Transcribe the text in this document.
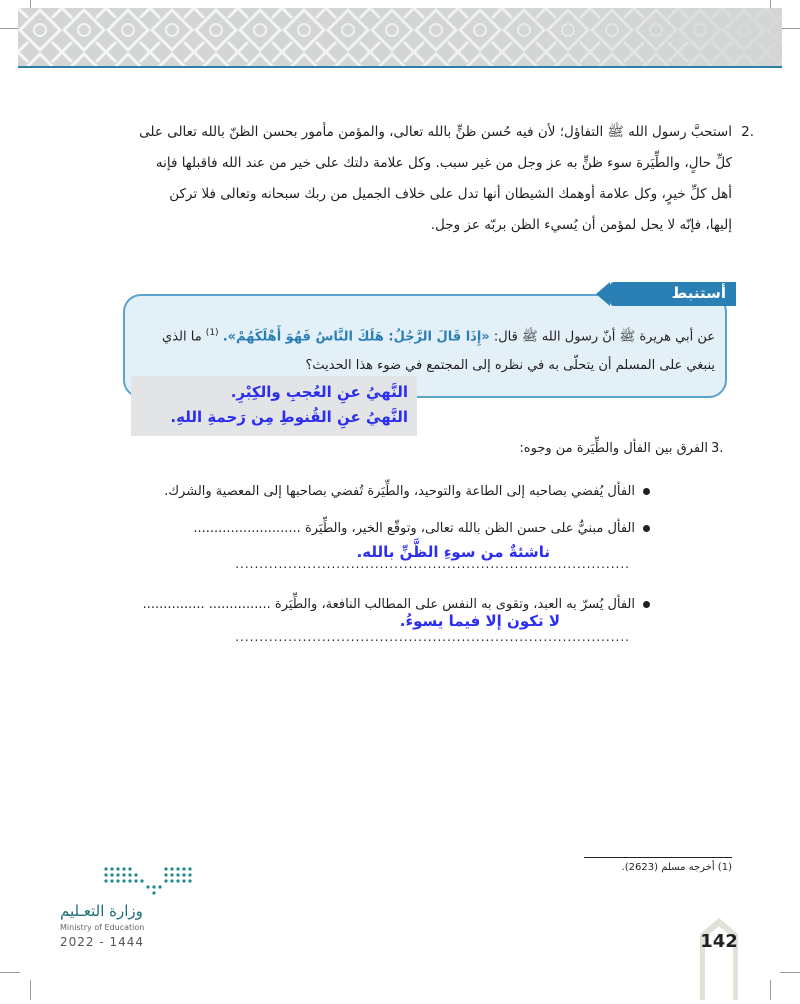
2.
استحبَّ رسول الله ﷺ التفاؤل؛ لأن فيه حُسن ظنٍّ بالله تعالى، والمؤمن مأمور بحسن الظنّ بالله تعالى على
كلِّ حالٍ، والطِّيَرة سوء ظنٍّ به عز وجل من غير سبب. وكل علامة دلتك على خير من عند الله فاقبلها فإنه
أهل كلِّ خيرٍ، وكل علامة أوهمك الشيطان أنها تدل على خلاف الجميل من ربك سبحانه وتعالى فلا تركن
إليها، فإنّه لا يحل لمؤمن أن يُسيء الظن بربّه عز وجل.
أستنبط
عن أبي هريرة ﷺ أنّ رسول الله ﷺ قال: «إِذَا قَالَ الرَّجُلُ: هَلَكَ النَّاسُ فَهُوَ أَهْلَكَهُمْ». $^{(1)}$ ما الذي
ينبغي على المسلم أن يتحلّى به في نظره إلى المجتمع في ضوء هذا الحديث؟
النَّهيُ عنِ العُجبِ والكِبْرِ.
النَّهيُ عنِ القُنوطِ مِن رَحمةِ اللهِ.
3.
الفرق بين الفأل والطِّيَرة من وجوه:
الفأل يُفضي بصاحبه إلى الطاعة والتوحيد، والطِّيَرة تُفضي بصاحبها إلى المعصية والشرك.
الفأل مبنيٌّ على حسن الظن بالله تعالى، وتوقّع الخير، والطِّيَرة ..........................
ناشئةٌ من سوءِ الظَّنِّ بالله.
..................................................................................
الفأل يُسرّ به العبد، وتقوى به النفس على المطالب النافعة، والطِّيَرة ............... ...............
لا تكون إلا فيما يسوءُ.
..................................................................................
(1) أخرجه مسلم (2623).
وزارة التعـليم
Ministry of Education
2022 - 1444	142
